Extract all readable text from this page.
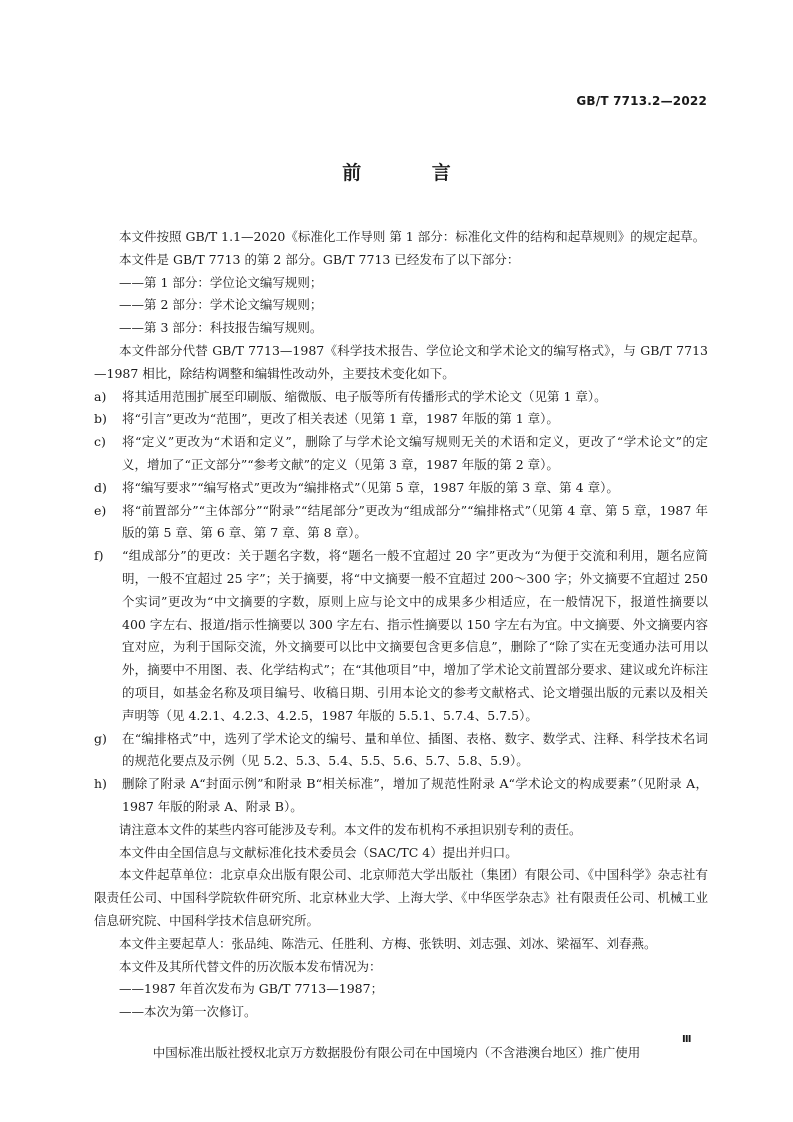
GB/T 7713.2—2022
前 言

本文件按照 GB/T 1.1—2020《标准化工作导则 第 1 部分：标准化文件的结构和起草规则》的规定起草。

本文件是 GB/T 7713 的第 2 部分。GB/T 7713 已经发布了以下部分：

——第 1 部分：学位论文编写规则；

——第 2 部分：学术论文编写规则；

——第 3 部分：科技报告编写规则。

本文件部分代替 GB/T 7713—1987《科学技术报告、学位论文和学术论文的编写格式》，与 GB/T 7713—1987 相比，除结构调整和编辑性改动外，主要技术变化如下。

a)	将其适用范围扩展至印刷版、缩微版、电子版等所有传播形式的学术论文（见第 1 章）。
b)	将“引言”更改为“范围”，更改了相关表述（见第 1 章，1987 年版的第 1 章）。
c)	将“定义”更改为“术语和定义”，删除了与学术论文编写规则无关的术语和定义，更改了“学术论文”的定义，增加了“正文部分”“参考文献”的定义（见第 3 章，1987 年版的第 2 章）。
d)	将“编写要求”“编写格式”更改为“编排格式”（见第 5 章，1987 年版的第 3 章、第 4 章）。
e)	将“前置部分”“主体部分”“附录”“结尾部分”更改为“组成部分”“编排格式”（见第 4 章、第 5 章，1987 年版的第 5 章、第 6 章、第 7 章、第 8 章）。
f)	“组成部分”的更改：关于题名字数，将“题名一般不宜超过 20 字”更改为“为便于交流和利用，题名应简明，一般不宜超过 25 字”；关于摘要，将“中文摘要一般不宜超过 200～300 字；外文摘要不宜超过 250 个实词”更改为“中文摘要的字数，原则上应与论文中的成果多少相适应，在一般情况下，报道性摘要以 400 字左右、报道/指示性摘要以 300 字左右、指示性摘要以 150 字左右为宜。中文摘要、外文摘要内容宜对应，为利于国际交流，外文摘要可以比中文摘要包含更多信息”，删除了“除了实在无变通办法可用以外，摘要中不用图、表、化学结构式”；在“其他项目”中，增加了学术论文前置部分要求、建议或允许标注的项目，如基金名称及项目编号、收稿日期、引用本论文的参考文献格式、论文增强出版的元素以及相关声明等（见 4.2.1、4.2.3、4.2.5，1987 年版的 5.5.1、5.7.4、5.7.5）。
g)	在“编排格式”中，选列了学术论文的编号、量和单位、插图、表格、数字、数学式、注释、科学技术名词的规范化要点及示例（见 5.2、5.3、5.4、5.5、5.6、5.7、5.8、5.9）。
h)	删除了附录 A“封面示例”和附录 B“相关标准”，增加了规范性附录 A“学术论文的构成要素”（见附录 A，1987 年版的附录 A、附录 B）。

请注意本文件的某些内容可能涉及专利。本文件的发布机构不承担识别专利的责任。

本文件由全国信息与文献标准化技术委员会（SAC/TC 4）提出并归口。

本文件起草单位：北京卓众出版有限公司、北京师范大学出版社（集团）有限公司、《中国科学》杂志社有限责任公司、中国科学院软件研究所、北京林业大学、上海大学、《中华医学杂志》社有限责任公司、机械工业信息研究院、中国科学技术信息研究所。

本文件主要起草人：张品纯、陈浩元、任胜利、方梅、张铁明、刘志强、刘冰、梁福军、刘春燕。

本文件及其所代替文件的历次版本发布情况为：

——1987 年首次发布为 GB/T 7713—1987；

——本次为第一次修订。

中国标准出版社授权北京万方数据股份有限公司在中国境内（不含港澳台地区）推广使用
Ⅲ
